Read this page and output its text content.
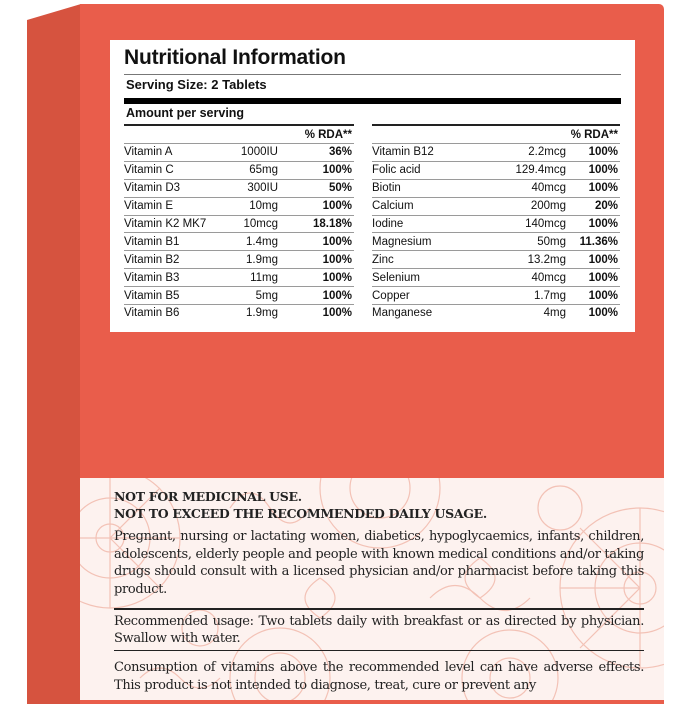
Nutritional Information
Serving Size: 2 Tablets
Amount per serving
% RDA**
Vitamin A	1000IU	36%
Vitamin C	65mg	100%
Vitamin D3	300IU	50%
Vitamin E	10mg	100%
Vitamin K2 MK7	10mcg	18.18%
Vitamin B1	1.4mg	100%
Vitamin B2	1.9mg	100%
Vitamin B3	11mg	100%
Vitamin B5	5mg	100%
Vitamin B6	1.9mg	100%
% RDA**
Vitamin B12	2.2mcg	100%
Folic acid	129.4mcg	100%
Biotin	40mcg	100%
Calcium	200mg	20%
Iodine	140mcg	100%
Magnesium	50mg	11.36%
Zinc	13.2mg	100%
Selenium	40mcg	100%
Copper	1.7mg	100%
Manganese	4mg	100%
NOT FOR MEDICINAL USE.
NOT TO EXCEED THE RECOMMENDED DAILY USAGE.
Pregnant, nursing or lactating women, diabetics, hypoglycaemics, infants, children, adolescents, elderly people and people with known medical conditions and/or taking drugs should consult with a licensed physician and/or pharmacist before taking this product.
Recommended usage: Two tablets daily with breakfast or as directed by physician. Swallow with water.
Consumption of vitamins above the recommended level can have adverse effects. This product is not intended to diagnose, treat, cure or prevent any
